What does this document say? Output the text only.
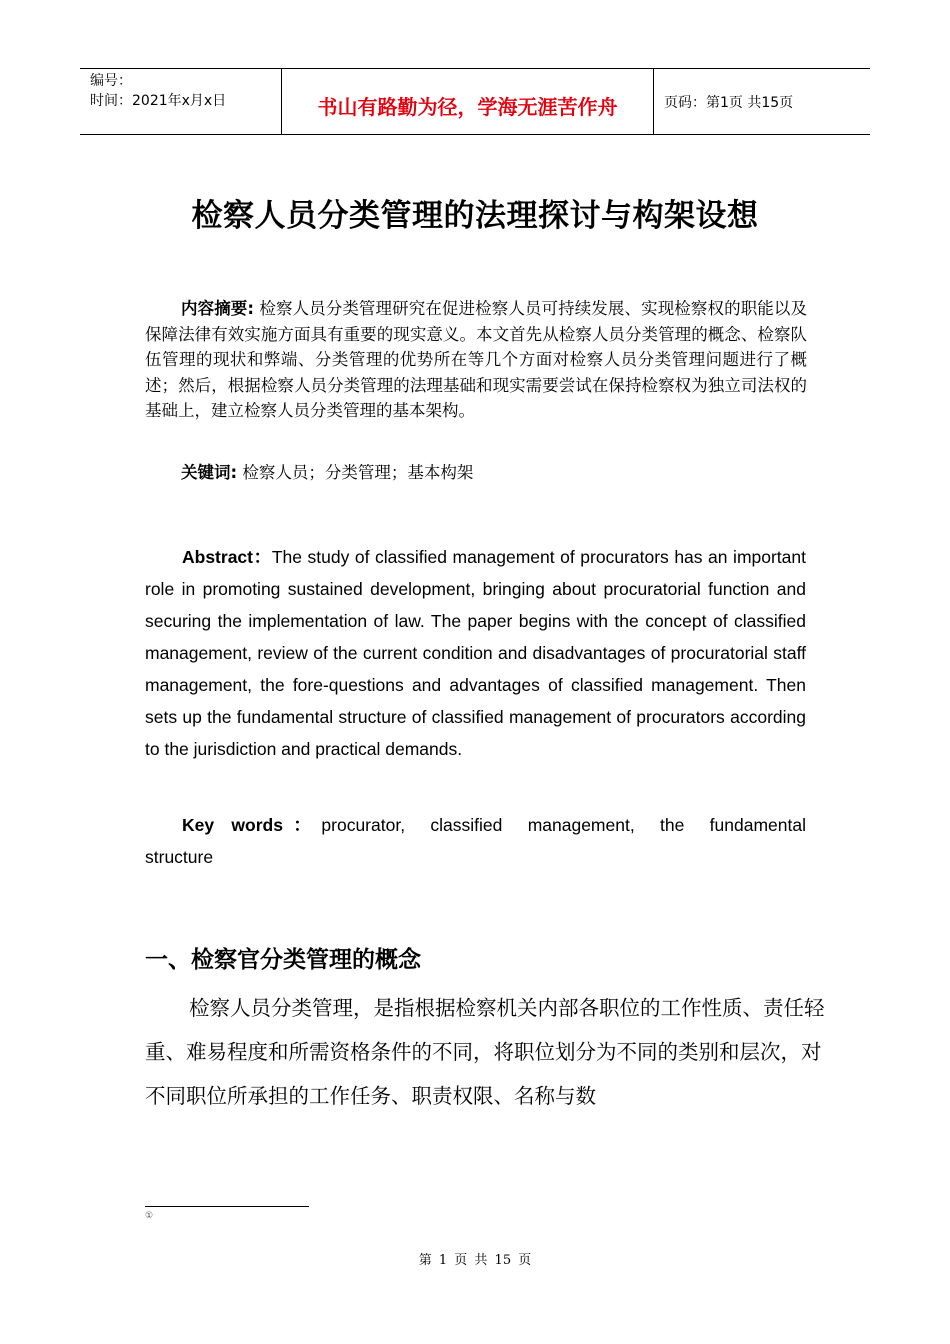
编号：
时间：2021年x月x日	书山有路勤为径，学海无涯苦作舟	页码：第1页 共15页
检察人员分类管理的法理探讨与构架设想
内容摘要: 检察人员分类管理研究在促进检察人员可持续发展、实现检察权的职能以及保障法律有效实施方面具有重要的现实意义。本文首先从检察人员分类管理的概念、检察队伍管理的现状和弊端、分类管理的优势所在等几个方面对检察人员分类管理问题进行了概述；然后，根据检察人员分类管理的法理基础和现实需要尝试在保持检察权为独立司法权的基础上，建立检察人员分类管理的基本架构。
关键词: 检察人员；分类管理；基本构架
Abstract：The study of classified management of procurators has an important role in promoting sustained development, bringing about procuratorial function and securing the implementation of law. The paper begins with the concept of classified management, review of the current condition and disadvantages of procuratorial staff management, the fore-questions and advantages of classified management. Then sets up the fundamental structure of classified management of procurators according to the jurisdiction and practical demands.
Key words：procurator, classified management, the fundamental structure
一、检察官分类管理的概念
检察人员分类管理，是指根据检察机关内部各职位的工作性质、责任轻重、难易程度和所需资格条件的不同，将职位划分为不同的类别和层次，对不同职位所承担的工作任务、职责权限、名称与数
①
第 1 页 共 15 页
